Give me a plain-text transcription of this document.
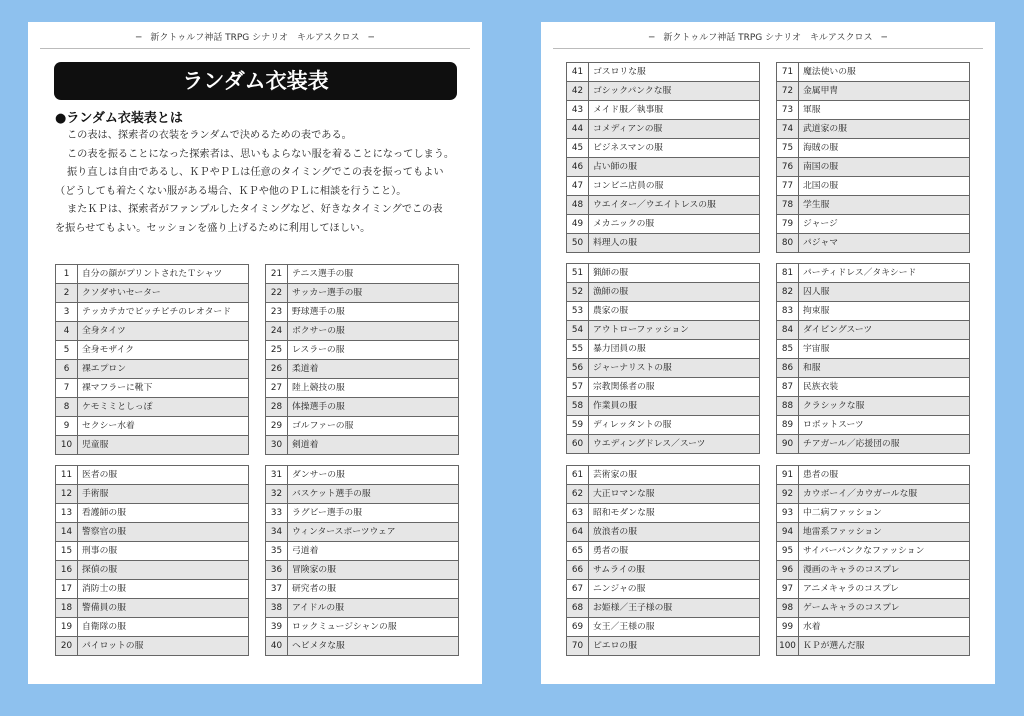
─　新クトゥルフ神話 TRPG シナリオ　キルアスクロス　─
ランダム衣装表
●ランダム衣装表とは

この表は、探索者の衣装をランダムで決めるための表である。

この表を振ることになった探索者は、思いもよらない服を着ることになってしまう。

振り直しは自由であるし、ＫＰやＰＬは任意のタイミングでこの表を振ってもよい

（どうしても着たくない服がある場合、ＫＰや他のＰＬに相談を行うこと）。

またＫＰは、探索者がファンブルしたタイミングなど、好きなタイミングでこの表

を振らせてもよい。セッションを盛り上げるために利用してほしい。

1	自分の顔がプリントされたＴシャツ
2	クソダサいセーター
3	テッカテカでピッチピチのレオタード
4	全身タイツ
5	全身モザイク
6	裸エプロン
7	裸マフラーに靴下
8	ケモミミとしっぽ
9	セクシー水着
10	児童服
21	テニス選手の服
22	サッカー選手の服
23	野球選手の服
24	ボクサーの服
25	レスラーの服
26	柔道着
27	陸上競技の服
28	体操選手の服
29	ゴルファーの服
30	剣道着
11	医者の服
12	手術服
13	看護師の服
14	警察官の服
15	刑事の服
16	探偵の服
17	消防士の服
18	警備員の服
19	自衛隊の服
20	パイロットの服
31	ダンサーの服
32	バスケット選手の服
33	ラグビー選手の服
34	ウィンタースポーツウェア
35	弓道着
36	冒険家の服
37	研究者の服
38	アイドルの服
39	ロックミュージシャンの服
40	ヘビメタな服
─　新クトゥルフ神話 TRPG シナリオ　キルアスクロス　─
41	ゴスロリな服
42	ゴシックパンクな服
43	メイド服／執事服
44	コメディアンの服
45	ビジネスマンの服
46	占い師の服
47	コンビニ店員の服
48	ウエイター／ウエイトレスの服
49	メカニックの服
50	料理人の服
71	魔法使いの服
72	金属甲冑
73	軍服
74	武道家の服
75	海賊の服
76	南国の服
77	北国の服
78	学生服
79	ジャージ
80	パジャマ
51	猟師の服
52	漁師の服
53	農家の服
54	アウトローファッション
55	暴力団員の服
56	ジャーナリストの服
57	宗教関係者の服
58	作業員の服
59	ディレッタントの服
60	ウエディングドレス／スーツ
81	パーティドレス／タキシード
82	囚人服
83	拘束服
84	ダイビングスーツ
85	宇宙服
86	和服
87	民族衣装
88	クラシックな服
89	ロボットスーツ
90	チアガール／応援団の服
61	芸術家の服
62	大正ロマンな服
63	昭和モダンな服
64	放浪者の服
65	勇者の服
66	サムライの服
67	ニンジャの服
68	お姫様／王子様の服
69	女王／王様の服
70	ピエロの服
91	患者の服
92	カウボーイ／カウガールな服
93	中二病ファッション
94	地雷系ファッション
95	サイバーパンクなファッション
96	漫画のキャラのコスプレ
97	アニメキャラのコスプレ
98	ゲームキャラのコスプレ
99	水着
100	ＫＰが選んだ服
